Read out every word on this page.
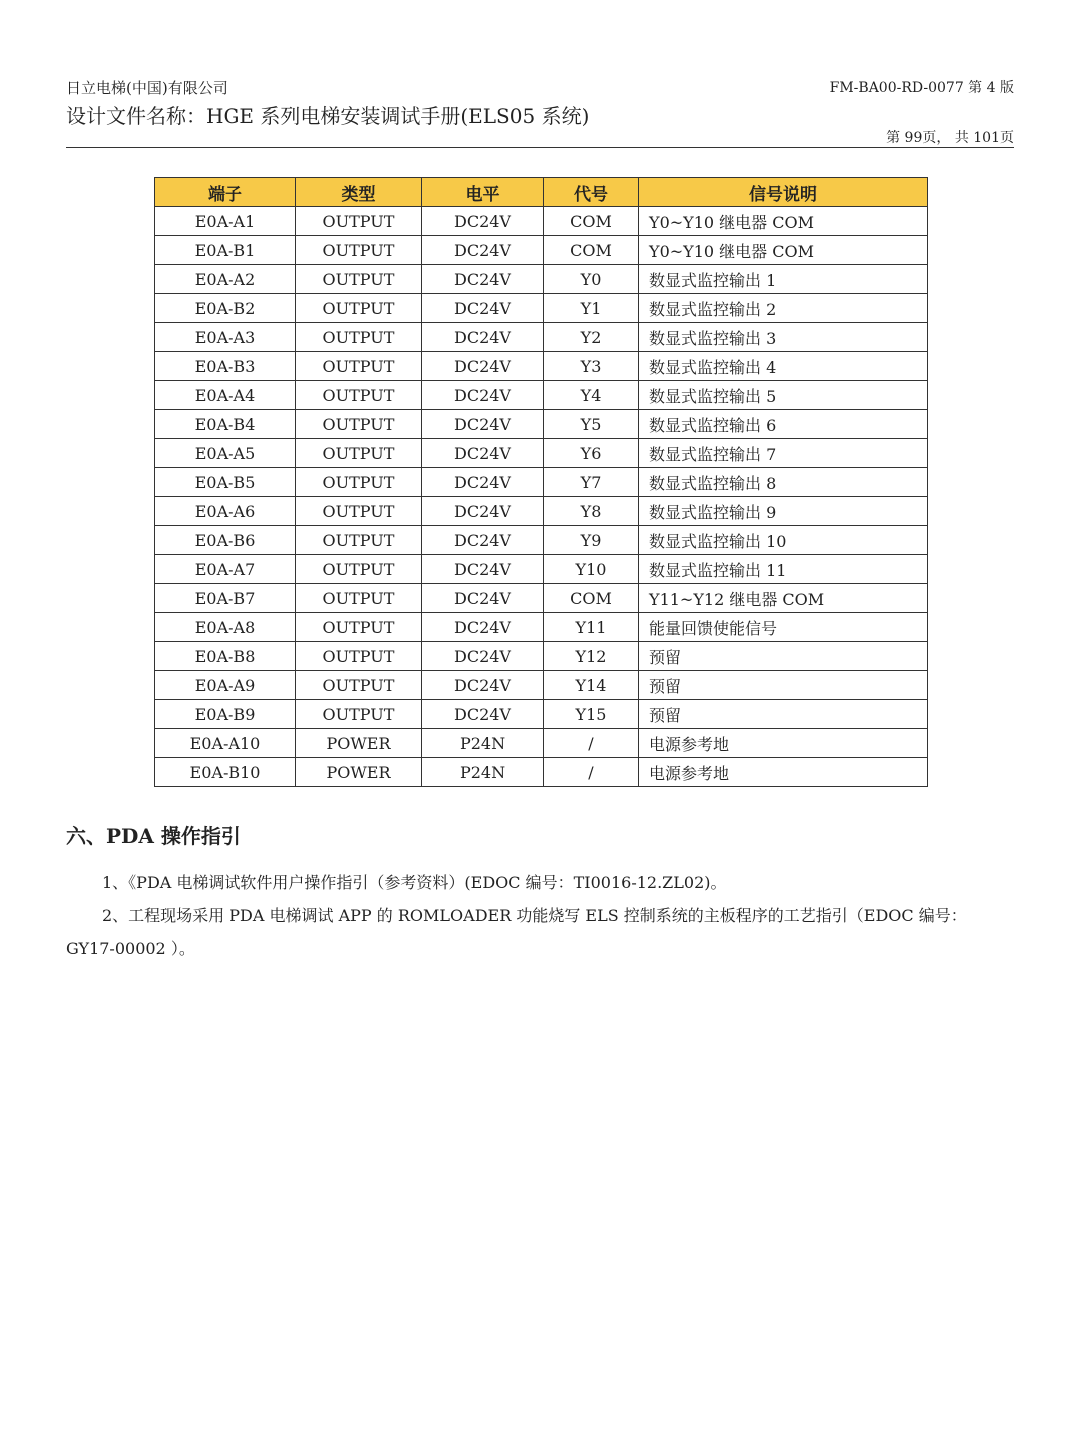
日立电梯(中国)有限公司	FM-BA00-RD-0077 第 4 版
设计文件名称：HGE 系列电梯安装调试手册(ELS05 系统)
第 99页， 共 101页
端子	类型	电平	代号	信号说明
E0A-A1	OUTPUT	DC24V	COM	Y0~Y10 继电器 COM
E0A-B1	OUTPUT	DC24V	COM	Y0~Y10 继电器 COM
E0A-A2	OUTPUT	DC24V	Y0	数显式监控输出 1
E0A-B2	OUTPUT	DC24V	Y1	数显式监控输出 2
E0A-A3	OUTPUT	DC24V	Y2	数显式监控输出 3
E0A-B3	OUTPUT	DC24V	Y3	数显式监控输出 4
E0A-A4	OUTPUT	DC24V	Y4	数显式监控输出 5
E0A-B4	OUTPUT	DC24V	Y5	数显式监控输出 6
E0A-A5	OUTPUT	DC24V	Y6	数显式监控输出 7
E0A-B5	OUTPUT	DC24V	Y7	数显式监控输出 8
E0A-A6	OUTPUT	DC24V	Y8	数显式监控输出 9
E0A-B6	OUTPUT	DC24V	Y9	数显式监控输出 10
E0A-A7	OUTPUT	DC24V	Y10	数显式监控输出 11
E0A-B7	OUTPUT	DC24V	COM	Y11~Y12 继电器 COM
E0A-A8	OUTPUT	DC24V	Y11	能量回馈使能信号
E0A-B8	OUTPUT	DC24V	Y12	预留
E0A-A9	OUTPUT	DC24V	Y14	预留
E0A-B9	OUTPUT	DC24V	Y15	预留
E0A-A10	POWER	P24N	/	电源参考地
E0A-B10	POWER	P24N	/	电源参考地
六、PDA 操作指引
1、《PDA 电梯调试软件用户操作指引（参考资料）(EDOC 编号：TI0016-12.ZL02)。
2、工程现场采用 PDA 电梯调试 APP 的 ROMLOADER 功能烧写 ELS 控制系统的主板程序的工艺指引（EDOC 编号：GY17-00002 ）。
